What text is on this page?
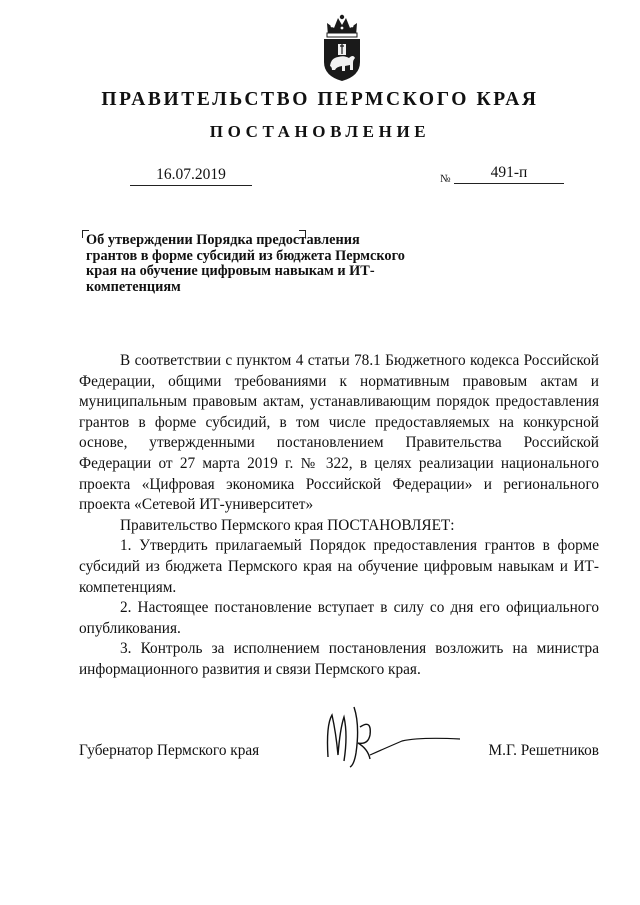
ПРАВИТЕЛЬСТВО ПЕРМСКОГО КРАЯ
ПОСТАНОВЛЕНИЕ
16.07.2019	№	491-п
Об утверждении Порядка предоставления грантов в форме субсидий из бюджета Пермского края на обучение цифровым навыкам и ИТ-компетенциям

В соответствии с пунктом 4 статьи 78.1 Бюджетного кодекса Российской Федерации, общими требованиями к нормативным правовым актам и муниципальным правовым актам, устанавливающим порядок предоставления грантов в форме субсидий, в том числе предоставляемых на конкурсной основе, утвержденными постановлением Правительства Российской Федерации от 27 марта 2019 г. № 322, в целях реализации национального проекта «Цифровая экономика Российской Федерации» и регионального проекта «Сетевой ИТ-университет»

Правительство Пермского края ПОСТАНОВЛЯЕТ:

1. Утвердить прилагаемый Порядок предоставления грантов в форме субсидий из бюджета Пермского края на обучение цифровым навыкам и ИТ-компетенциям.

2. Настоящее постановление вступает в силу со дня его официального опубликования.

3. Контроль за исполнением постановления возложить на министра информационного развития и связи Пермского края.

Губернатор Пермского края	М.Г. Решетников
